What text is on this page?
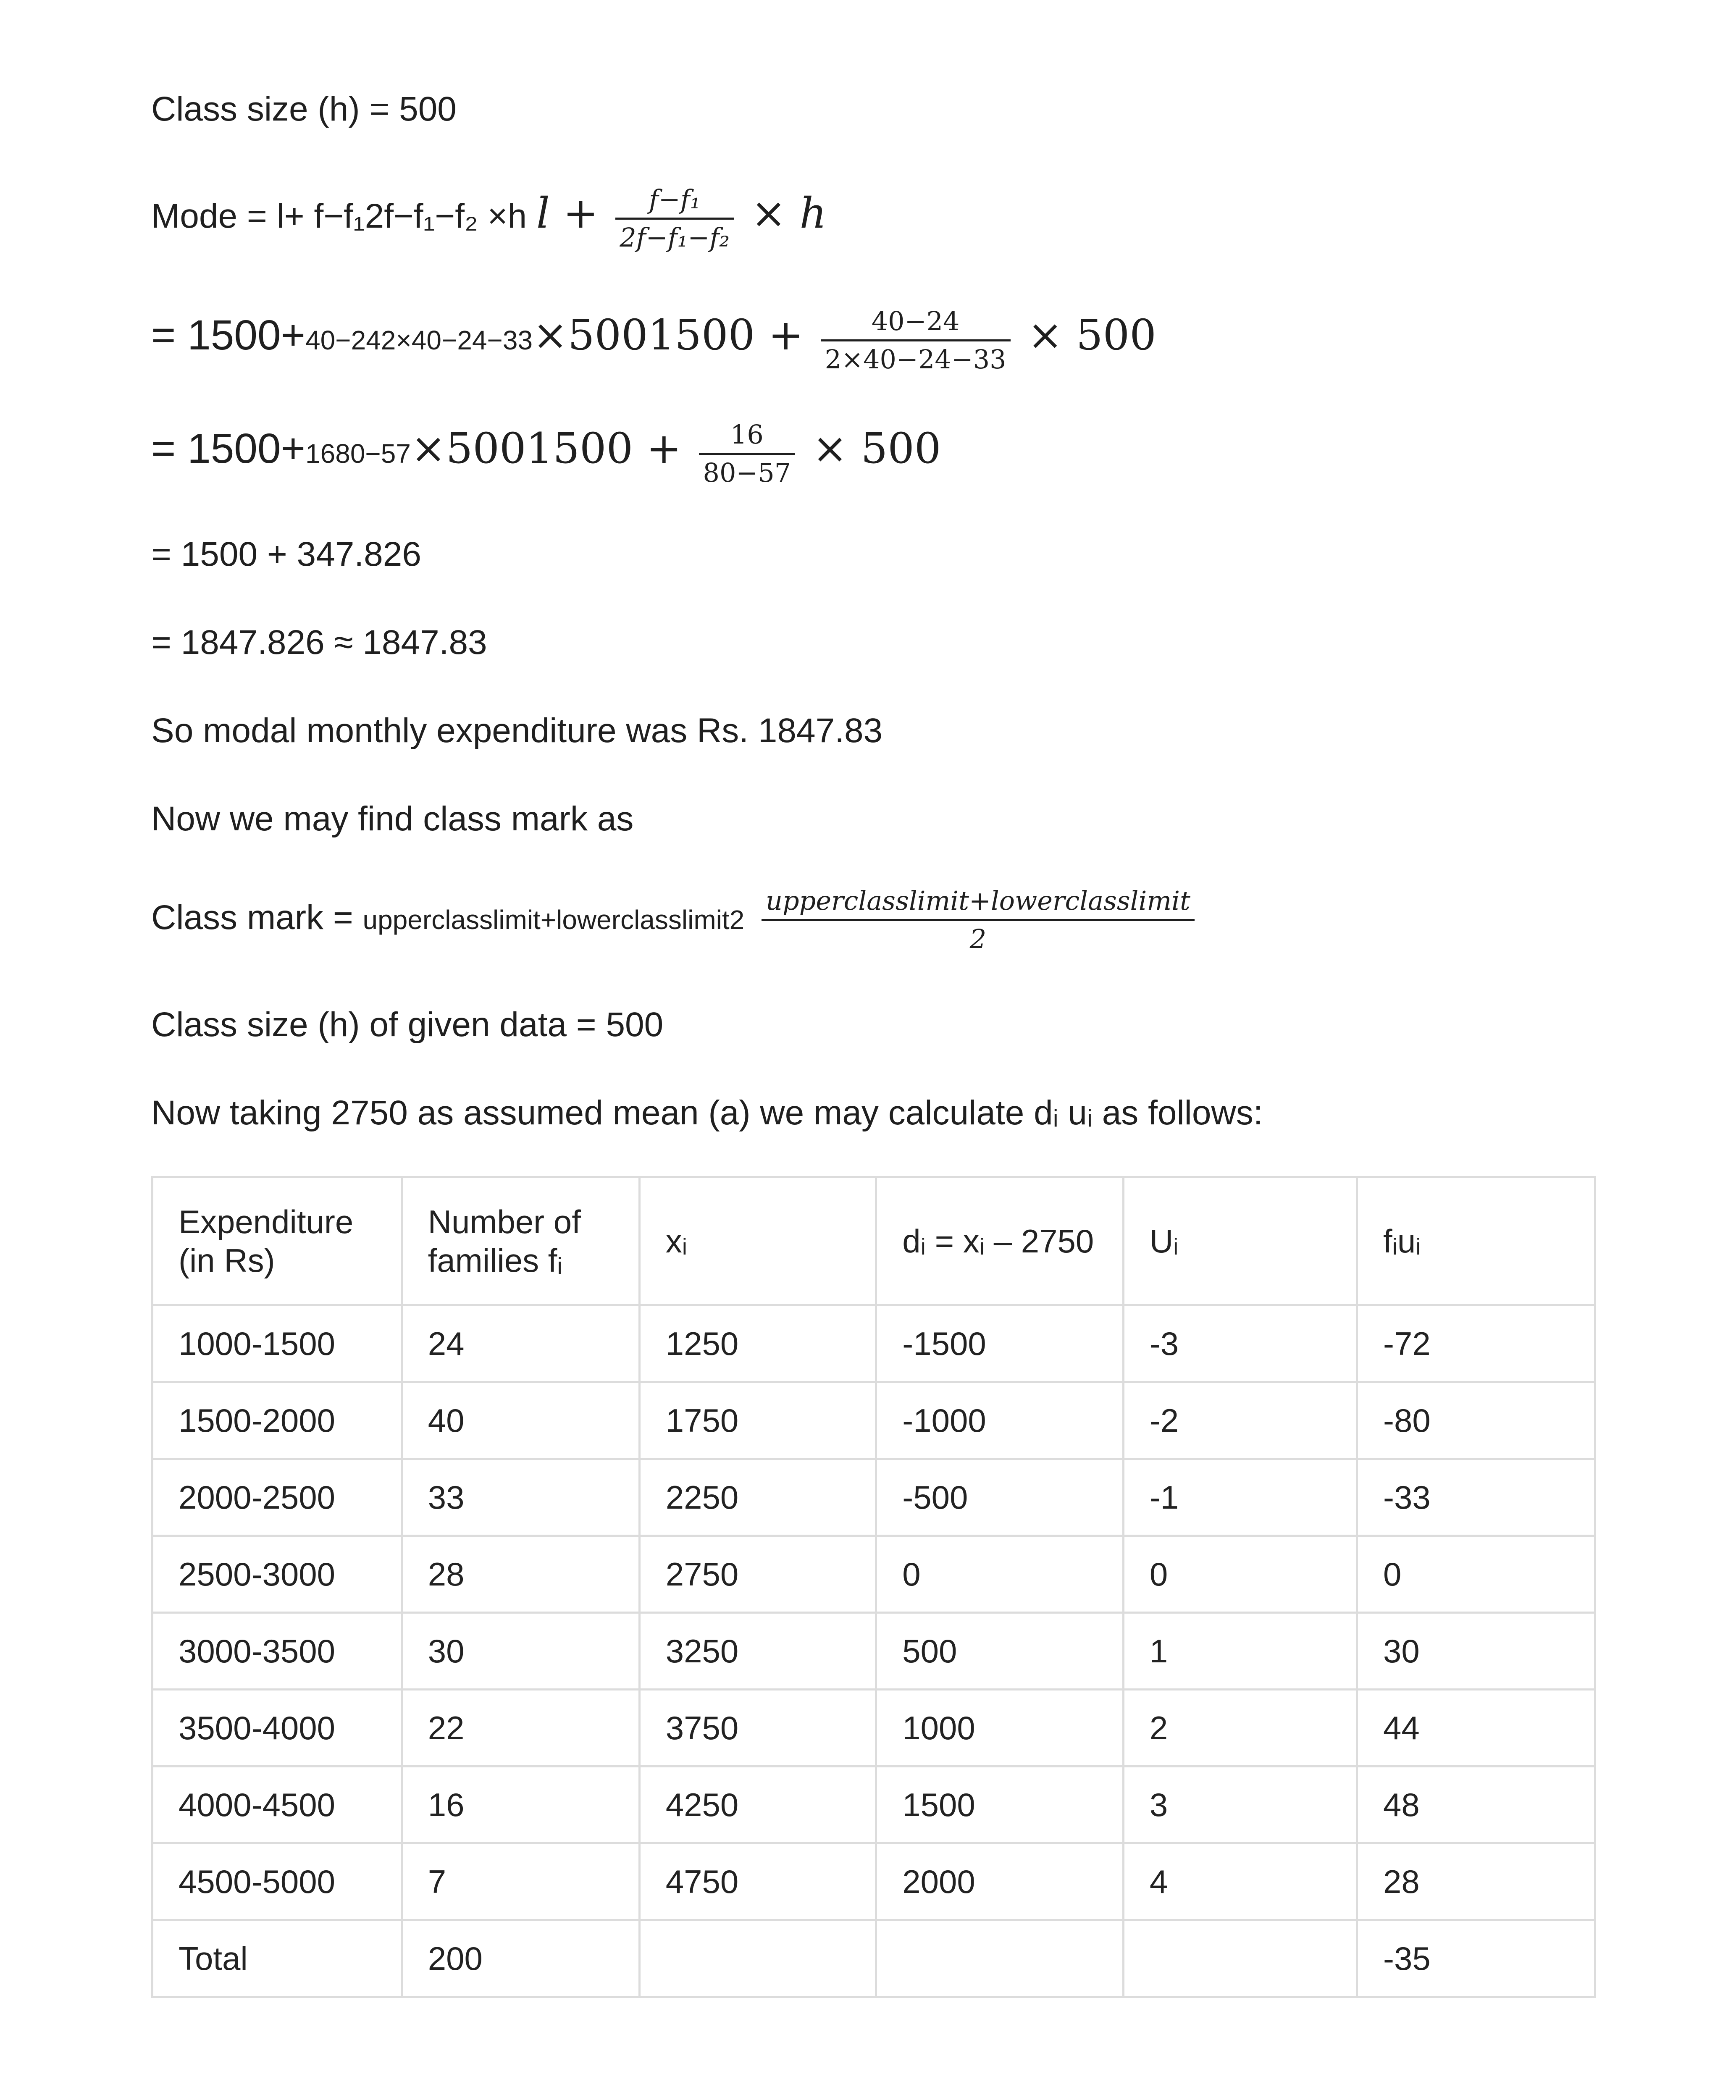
Class size (h) = 500
Mode = l+ f−f₁2f−f₁−f₂ ×h $l + \frac{\text{f−f₁}}{\text{2f−f₁−f₂}} \times h$
= $1500+40-242\times 40-24-33\times 5001500 + \frac{40-24}{2\times 40-24-33} \times 500$
= $1500+1680-57\times 5001500 + \frac{16}{80-57} \times 500$
= 1500 + 347.826
= 1847.826 ≈ 1847.83
So modal monthly expenditure was Rs. 1847.83
Now we may find class mark as
Class mark = upperclasslimit+lowerclasslimit2 $\frac{\text{upperclasslimit+lowerclasslimit}}{2}$
Class size (h) of given data = 500
Now taking 2750 as assumed mean (a) we may calculate dᵢ uᵢ as follows:
Expenditure (in Rs)	Number of families fᵢ	xᵢ	dᵢ = xᵢ – 2750	Uᵢ	fᵢuᵢ
1000-1500	24	1250	-1500	-3	-72
1500-2000	40	1750	-1000	-2	-80
2000-2500	33	2250	-500	-1	-33
2500-3000	28	2750	0	0	0
3000-3500	30	3250	500	1	30
3500-4000	22	3750	1000	2	44
4000-4500	16	4250	1500	3	48
4500-5000	7	4750	2000	4	28
Total	200				-35
